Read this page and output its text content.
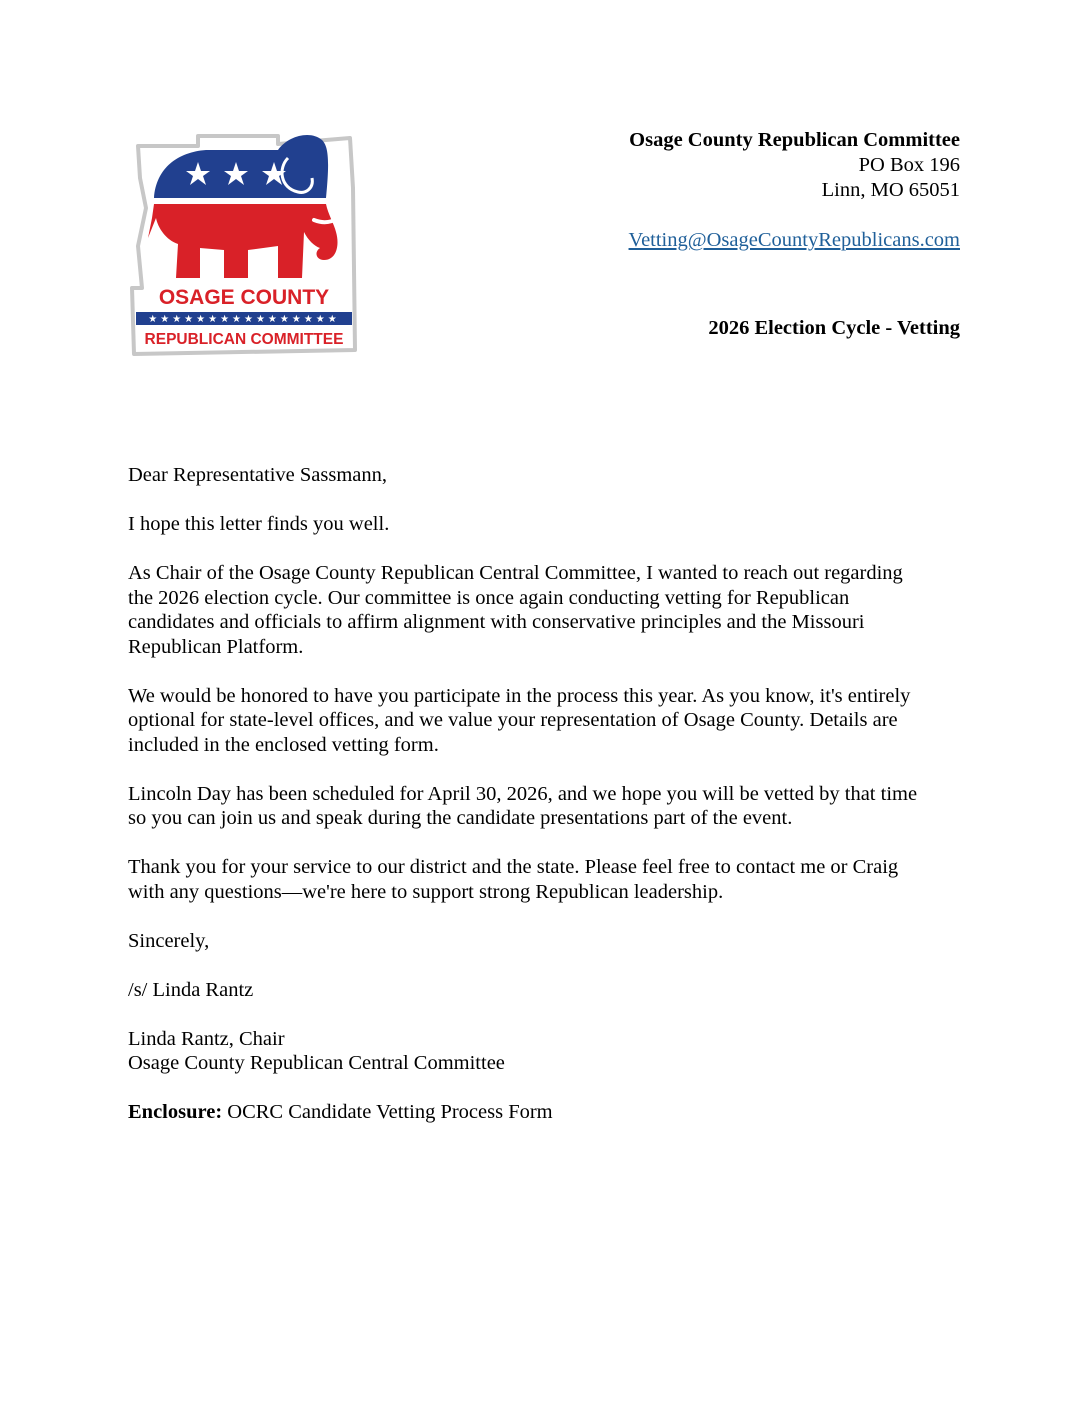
OSAGE COUNTY
★★★★★★★★★★★★★★★★
REPUBLICAN COMMITTEE
Osage County Republican Committee
PO Box 196
Linn, MO 65051
Vetting@OsageCountyRepublicans.com
2026 Election Cycle - Vetting

Dear Representative Sassmann,

I hope this letter finds you well.

As Chair of the Osage County Republican Central Committee, I wanted to reach out regarding
the 2026 election cycle. Our committee is once again conducting vetting for Republican
candidates and officials to affirm alignment with conservative principles and the Missouri
Republican Platform.

We would be honored to have you participate in the process this year. As you know, it's entirely
optional for state-level offices, and we value your representation of Osage County. Details are
included in the enclosed vetting form.

Lincoln Day has been scheduled for April 30, 2026, and we hope you will be vetted by that time
so you can join us and speak during the candidate presentations part of the event.

Thank you for your service to our district and the state. Please feel free to contact me or Craig
with any questions—we're here to support strong Republican leadership.

Sincerely,

/s/ Linda Rantz

Linda Rantz, Chair
Osage County Republican Central Committee

Enclosure: OCRC Candidate Vetting Process Form
